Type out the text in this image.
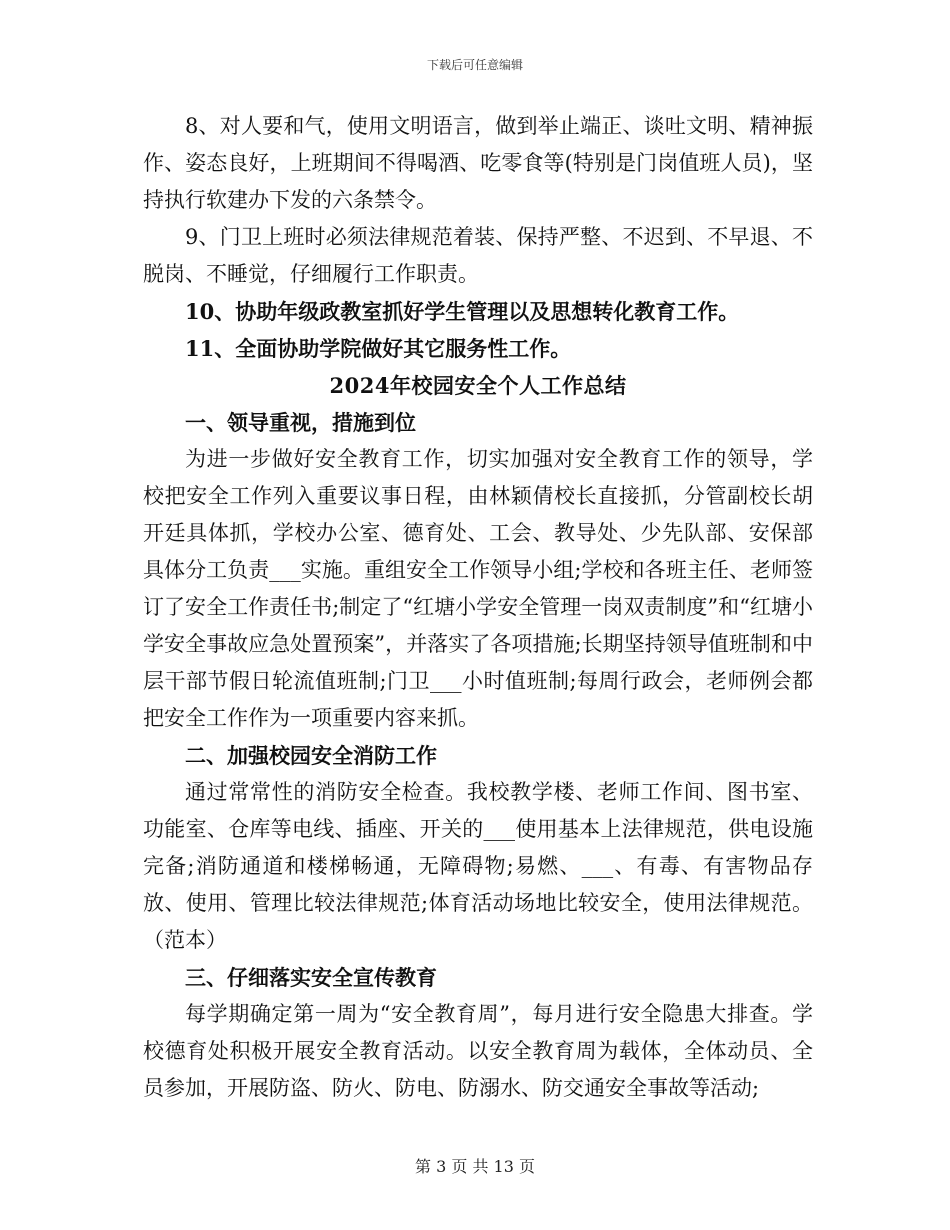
下载后可任意编辑

8、对人要和气，使用文明语言，做到举止端正、谈吐文明、精神振作、姿态良好，上班期间不得喝酒、吃零食等(特别是门岗值班人员)，坚持执行软建办下发的六条禁令。

9、门卫上班时必须法律规范着装、保持严整、不迟到、不早退、不脱岗、不睡觉，仔细履行工作职责。

10、协助年级政教室抓好学生管理以及思想转化教育工作。

11、全面协助学院做好其它服务性工作。

2024年校园安全个人工作总结

一、领导重视，措施到位

为进一步做好安全教育工作，切实加强对安全教育工作的领导，学校把安全工作列入重要议事日程，由林颖倩校长直接抓，分管副校长胡开廷具体抓，学校办公室、德育处、工会、教导处、少先队部、安保部具体分工负责___实施。重组安全工作领导小组;学校和各班主任、老师签订了安全工作责任书;制定了“红塘小学安全管理一岗双责制度”和“红塘小学安全事故应急处置预案”，并落实了各项措施;长期坚持领导值班制和中层干部节假日轮流值班制;门卫___小时值班制;每周行政会，老师例会都把安全工作作为一项重要内容来抓。

二、加强校园安全消防工作

通过常常性的消防安全检查。我校教学楼、老师工作间、图书室、功能室、仓库等电线、插座、开关的___使用基本上法律规范，供电设施完备;消防通道和楼梯畅通，无障碍物;易燃、___、有毒、有害物品存放、使用、管理比较法律规范;体育活动场地比较安全，使用法律规范。（范本）

三、仔细落实安全宣传教育

每学期确定第一周为“安全教育周”，每月进行安全隐患大排查。学校德育处积极开展安全教育活动。以安全教育周为载体，全体动员、全员参加，开展防盗、防火、防电、防溺水、防交通安全事故等活动;

第 3 页 共 13 页
